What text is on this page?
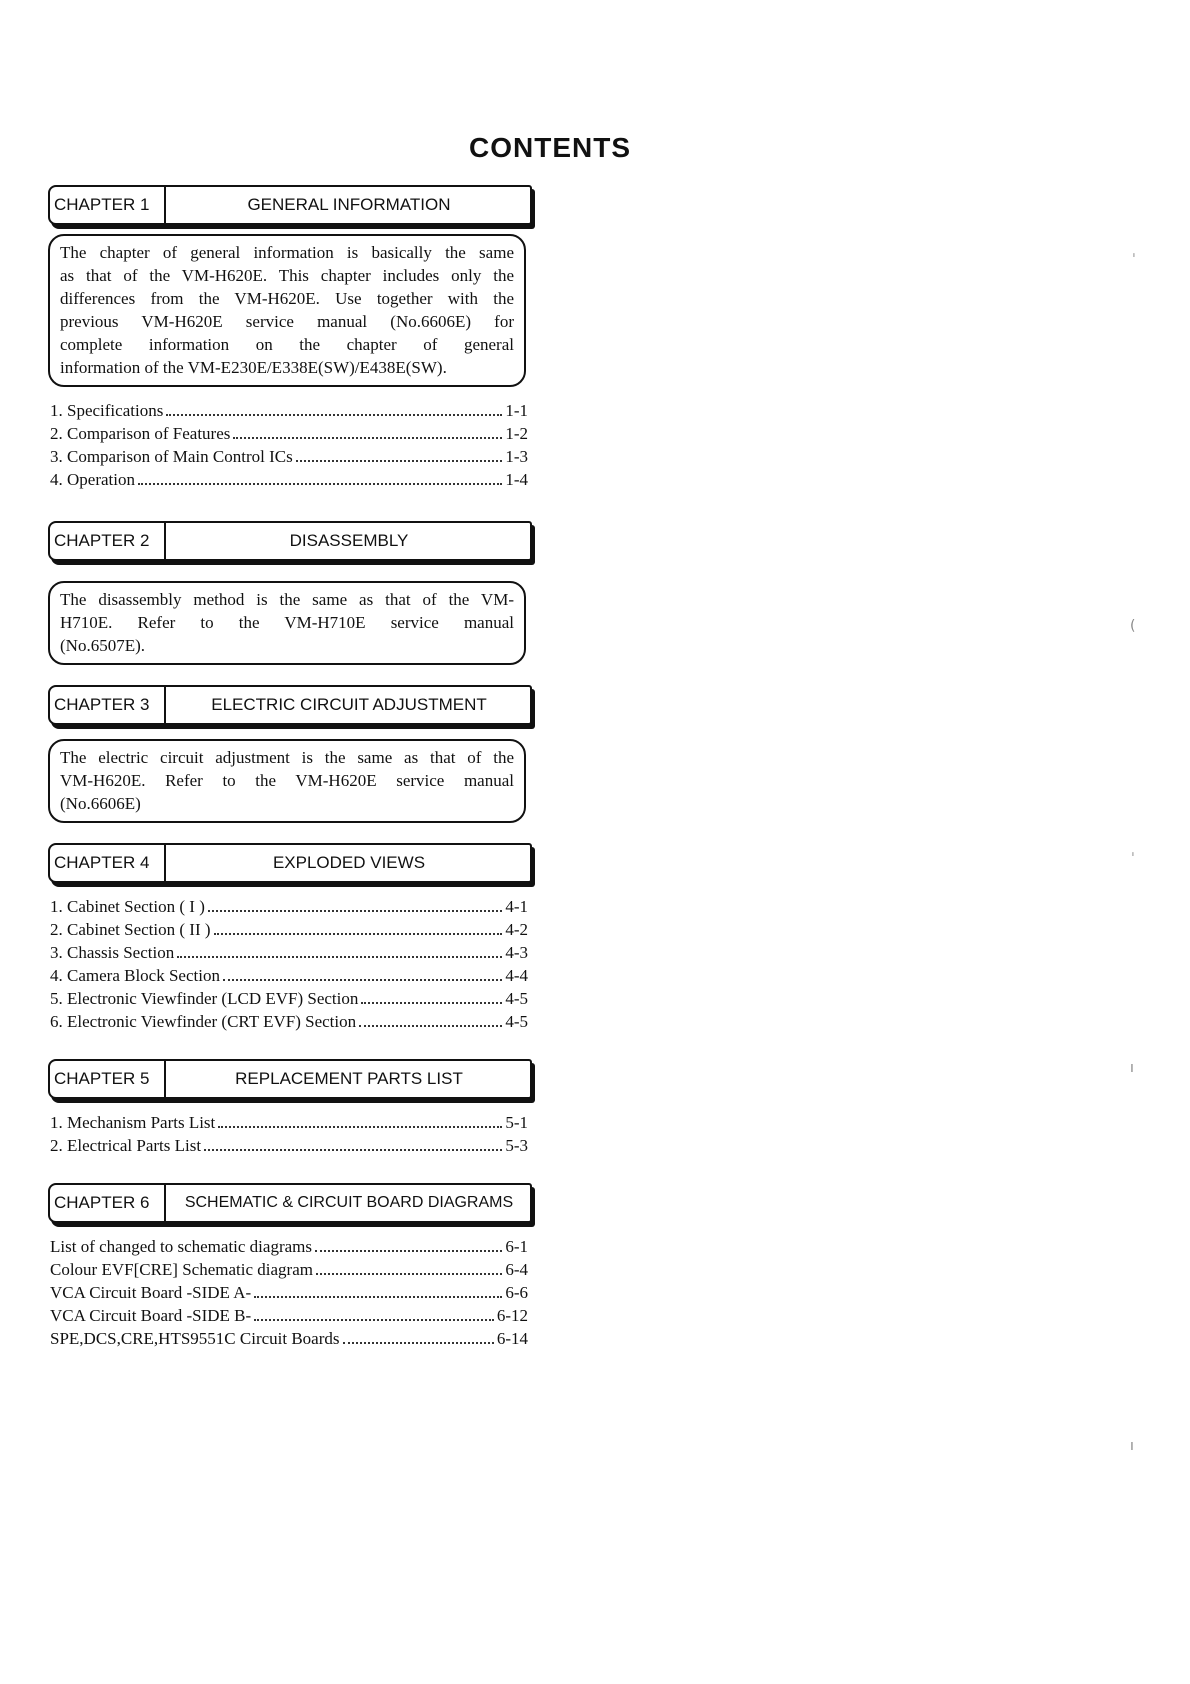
CONTENTS
CHAPTER 1	GENERAL INFORMATION
The chapter of general information is basically the same
as that of the VM-H620E. This chapter includes only the
differences from the VM-H620E. Use together with the
previous VM-H620E service manual (No.6606E) for
complete information on the chapter of general
information of the VM-E230E/E338E(SW)/E438E(SW).
1. Specifications	1-1
2. Comparison of Features	1-2
3. Comparison of Main Control ICs	1-3
4. Operation	1-4
CHAPTER 2	DISASSEMBLY
The disassembly method is the same as that of the VM-
H710E. Refer to the VM-H710E service manual
(No.6507E).
CHAPTER 3	ELECTRIC CIRCUIT ADJUSTMENT
The electric circuit adjustment is the same as that of the
VM-H620E. Refer to the VM-H620E service manual
(No.6606E)
CHAPTER 4	EXPLODED VIEWS
1. Cabinet Section ( I )	4-1
2. Cabinet Section ( II )	4-2
3. Chassis Section	4-3
4. Camera Block Section	4-4
5. Electronic Viewfinder (LCD EVF) Section	4-5
6. Electronic Viewfinder (CRT EVF) Section	4-5
CHAPTER 5	REPLACEMENT PARTS LIST
1. Mechanism Parts List	5-1
2. Electrical Parts List	5-3
CHAPTER 6	SCHEMATIC & CIRCUIT BOARD DIAGRAMS
List of changed to schematic diagrams	6-1
Colour EVF[CRE] Schematic diagram	6-4
VCA Circuit Board -SIDE A-	6-6
VCA Circuit Board -SIDE B-	6-12
SPE,DCS,CRE,HTS9551C Circuit Boards	6-14
ˌ
(
ˌ
ı
ı
